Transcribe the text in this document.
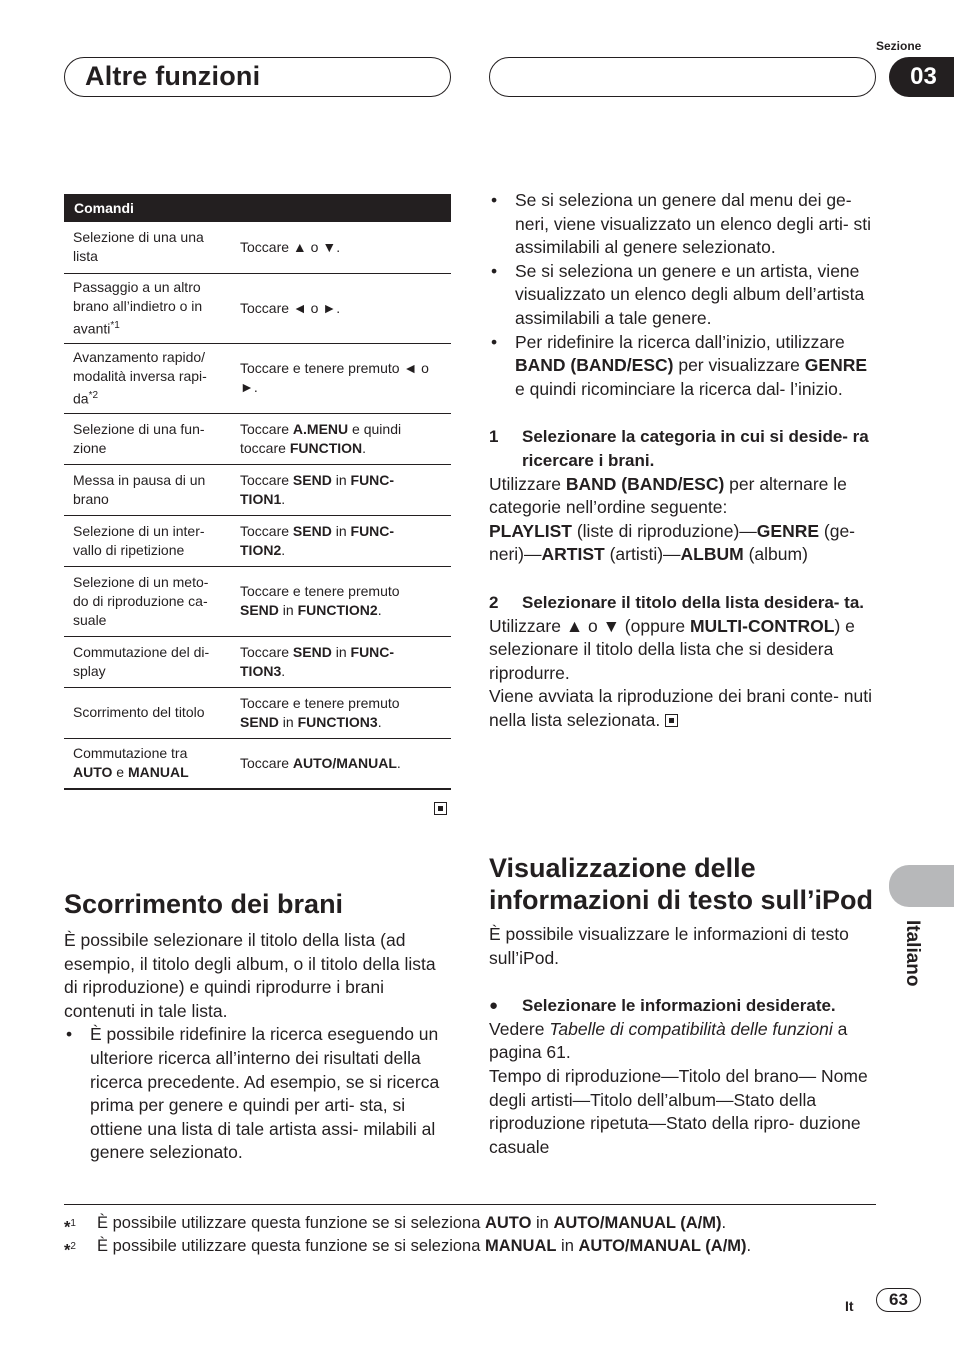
Altre funzioni
Sezione
03
Italiano
Comandi	
Selezione di una una lista	Toccare ▲ o ▼.
Passaggio a un altro brano all’indietro o in avanti$^{*1}$	Toccare ◄ o ►.
Avanzamento rapido/ modalità inversa rapi- $da^{*2}$	Toccare e tenere premuto ◄ o ►.
Selezione di una fun- zione	Toccare A.MENU e quindi toccare FUNCTION.
Messa in pausa di un brano	Toccare SEND in FUNC- TION1.
Selezione di un inter- vallo di ripetizione	Toccare SEND in FUNC- TION2.
Selezione di un meto- do di riproduzione ca- suale	Toccare e tenere premuto SEND in FUNCTION2.
Commutazione del di- splay	Toccare SEND in FUNC- TION3.
Scorrimento del titolo	Toccare e tenere premuto SEND in FUNCTION3.
Commutazione tra AUTO e MANUAL	Toccare AUTO/MANUAL.
Scorrimento dei brani
È possibile selezionare il titolo della lista (ad esempio, il titolo degli album, o il titolo della lista di riproduzione) e quindi riprodurre i brani contenuti in tale lista.
• È possibile ridefinire la ricerca eseguendo un ulteriore ricerca all’interno dei risultati della ricerca precedente. Ad esempio, se si ricerca prima per genere e quindi per arti- sta, si ottiene una lista di tale artista assi- milabili al genere selezionato.
• Se si seleziona un genere dal menu dei ge- neri, viene visualizzato un elenco degli arti- sti assimilabili al genere selezionato.
• Se si seleziona un genere e un artista, viene visualizzato un elenco degli album dell’artista assimilabili a tale genere.
• Per ridefinire la ricerca dall’inizio, utilizzare BAND (BAND/ESC) per visualizzare GENRE e quindi ricominciare la ricerca dal- l’inizio.
1 Selezionare la categoria in cui si deside- ra ricercare i brani.
Utilizzare BAND (BAND/ESC) per alternare le categorie nell’ordine seguente:
PLAYLIST (liste di riproduzione)—GENRE (ge- neri)—ARTIST (artisti)—ALBUM (album)
2 Selezionare il titolo della lista desidera- ta.
Utilizzare ▲ o ▼ (oppure MULTI-CONTROL) e selezionare il titolo della lista che si desidera riprodurre.
Viene avviata la riproduzione dei brani conte- nuti nella lista selezionata.
Visualizzazione delle informazioni di testo sull’iPod
È possibile visualizzare le informazioni di testo sull’iPod.
● Selezionare le informazioni desiderate.
Vedere Tabelle di compatibilità delle funzioni a pagina 61.
Tempo di riproduzione—Titolo del brano— Nome degli artisti—Titolo dell’album—Stato della riproduzione ripetuta—Stato della ripro- duzione casuale
*$^1$ È possibile utilizzare questa funzione se si seleziona AUTO in AUTO/MANUAL (A/M).
*$^2$ È possibile utilizzare questa funzione se si seleziona MANUAL in AUTO/MANUAL (A/M).
It	63
